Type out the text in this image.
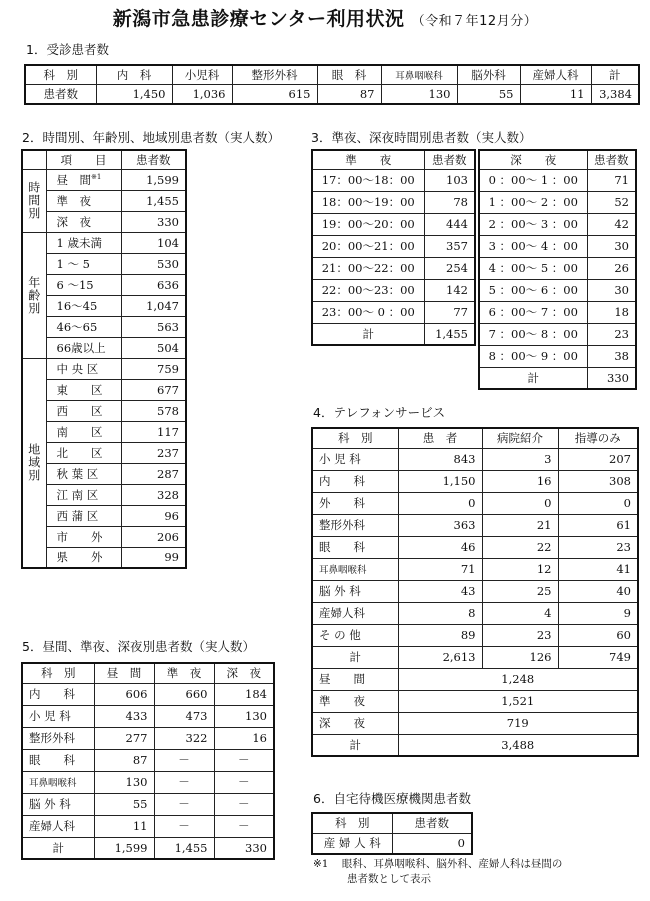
新潟市急患診療センター利用状況 （令和７年12月分）
1．受診患者数
科　別	内　科	小児科	整形外科	眼　科	耳鼻咽喉科	脳外科	産婦人科	計
患者数	1,450	1,036	615	87	130	55	11	3,384
2．時間別、年齢別、地域別患者数（実人数）
	項　　目	患者数
時間別	昼　間$^{※1}$	1,599
	準　夜	1,455
	深　夜	330
年齢別	1 歳未満	104
	1 ～ 5	530
	6 ～15	636
	16～45	1,047
	46～65	563
	66歳以上	504
地域別	中 央 区	759
	東　　区	677
	西　　区	578
	南　　区	117
	北　　区	237
	秋 葉 区	287
	江 南 区	328
	西 蒲 区	96
	市　　外	206
	県　　外	99
3．準夜、深夜時間別患者数（実人数）
準　　夜	患者数
17：00～18：00	103
18：00～19：00	78
19：00～20：00	444
20：00～21：00	357
21：00～22：00	254
22：00～23：00	142
23：00～ 0 ：00	77
計	1,455
深　　夜	患者数
0 ：00～ 1 ：00	71
1 ：00～ 2 ：00	52
2 ：00～ 3 ：00	42
3 ：00～ 4 ：00	30
4 ：00～ 5 ：00	26
5 ：00～ 6 ：00	30
6 ：00～ 7 ：00	18
7 ：00～ 8 ：00	23
8 ：00～ 9 ：00	38
計	330
4．テレフォンサービス
科　別	患　者	病院紹介	指導のみ
小 児 科	843	3	207
内　　科	1,150	16	308
外　　科	0	0	0
整形外科	363	21	61
眼　　科	46	22	23
耳鼻咽喉科	71	12	41
脳 外 科	43	25	40
産婦人科	8	4	9
そ の 他	89	23	60
計	2,613	126	749
昼　　間	1,248		
準　　夜	1,521		
深　　夜	719		
計	3,488		
5．昼間、準夜、深夜別患者数（実人数）
科　別	昼　間	準　夜	深　夜
内　　科	606	660	184
小 児 科	433	473	130
整形外科	277	322	16
眼　　科	87	－	－
耳鼻咽喉科	130	－	－
脳 外 科	55	－	－
産婦人科	11	－	－
計	1,599	1,455	330
6．自宅待機医療機関患者数
科　別	患者数
産 婦 人 科	0
※1 眼科、耳鼻咽喉科、脳外科、産婦人科は昼間の
患者数として表示
